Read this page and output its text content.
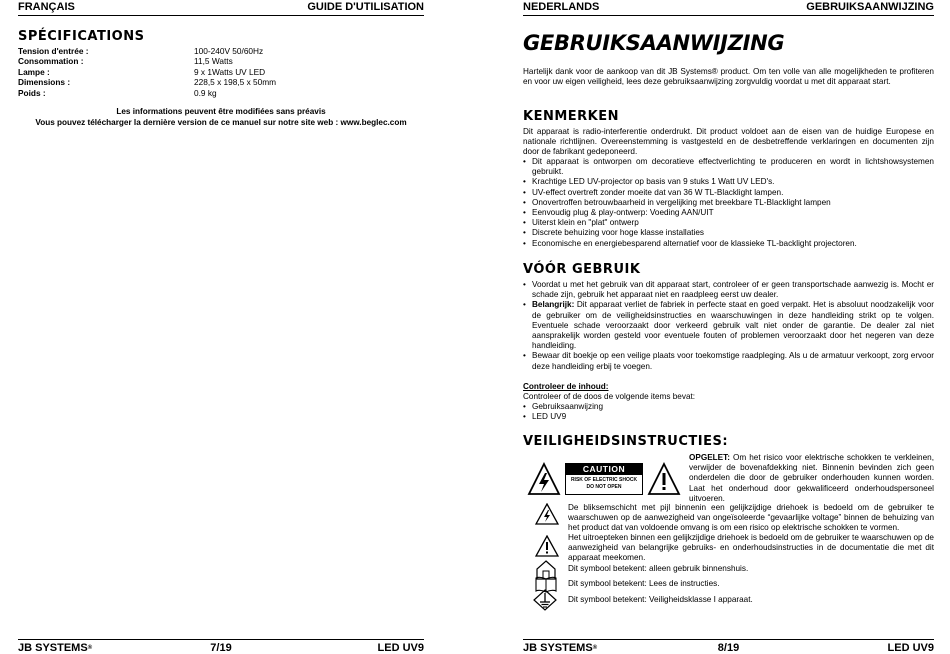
FRANÇAIS	GUIDE D'UTILISATION
SPÉCIFICATIONS
Tension d'entrée :	100-240V 50/60Hz
Consommation :	11,5 Watts
Lampe :	9 x 1Watts UV LED
Dimensions :	228,5 x 198,5 x 50mm
Poids :	0.9 kg
Les informations peuvent être modifiées sans préavis
Vous pouvez télécharger la dernière version de ce manuel sur notre site web : www.beglec.com
JB SYSTEMS®	7/19	LED UV9
NEDERLANDS	GEBRUIKSAANWIJZING
GEBRUIKSAANWIJZING
Hartelijk dank voor de aankoop van dit JB Systems® product. Om ten volle van alle mogelijkheden te profiteren en voor uw eigen veiligheid, lees deze gebruiksaanwijzing zorgvuldig voordat u met dit apparaat start.
KENMERKEN
Dit apparaat is radio-interferentie onderdrukt. Dit product voldoet aan de eisen van de huidige Europese en nationale richtlijnen. Overeenstemming is vastgesteld en de desbetreffende verklaringen en documenten zijn door de fabrikant gedeponeerd.
• Dit apparaat is ontworpen om decoratieve effectverlichting te produceren en wordt in lichtshowsystemen gebruikt.
• Krachtige LED UV-projector op basis van 9 stuks 1 Watt UV LED's.
• UV-effect overtreft zonder moeite dat van 36 W TL-Blacklight lampen.
• Onovertroffen betrouwbaarheid in vergelijking met breekbare TL-Blacklight lampen
• Eenvoudig plug & play-ontwerp: Voeding AAN/UIT
• Uiterst klein en "plat" ontwerp
• Discrete behuizing voor hoge klasse installaties
• Economische en energiebesparend alternatief voor de klassieke TL-backlight projectoren.
VÓÓR GEBRUIK
• Voordat u met het gebruik van dit apparaat start, controleer of er geen transportschade aanwezig is. Mocht er schade zijn, gebruik het apparaat niet en raadpleeg eerst uw dealer.
• Belangrijk: Dit apparaat verliet de fabriek in perfecte staat en goed verpakt. Het is absoluut noodzakelijk voor de gebruiker om de veiligheidsinstructies en waarschuwingen in deze handleiding strikt op te volgen. Eventuele schade veroorzaakt door verkeerd gebruik valt niet onder de garantie. De dealer zal niet aansprakelijk worden gesteld voor eventuele fouten of problemen veroorzaakt door het negeren van deze handleiding.
• Bewaar dit boekje op een veilige plaats voor toekomstige raadpleging. Als u de armatuur verkoopt, zorg ervoor deze handleiding erbij te voegen.
Controleer de inhoud:
Controleer of de doos de volgende items bevat:
• Gebruiksaanwijzing
• LED UV9
VEILIGHEIDSINSTRUCTIES:
CAUTION
RISK OF ELECTRIC SHOCK
DO NOT OPEN
OPGELET: Om het risico voor elektrische schokken te verkleinen, verwijder de bovenafdekking niet. Binnenin bevinden zich geen onderdelen die door de gebruiker onderhouden kunnen worden. Laat het onderhoud door gekwalificeerd onderhoudspersoneel uitvoeren.
De bliksemschicht met pijl binnenin een gelijkzijdige driehoek is bedoeld om de gebruiker te waarschuwen op de aanwezigheid van ongeïsoleerde “gevaarlijke voltage” binnen de behuizing van het product dat van voldoende omvang is om een risico op elektrische schokken te vormen.
Het uitroepteken binnen een gelijkzijdige driehoek is bedoeld om de gebruiker te waarschuwen op de aanwezigheid van belangrijke gebruiks- en onderhoudsinstructies in de documentatie die met dit apparaat meekomen.
Dit symbool betekent: alleen gebruik binnenshuis.
Dit symbool betekent: Lees de instructies.
Dit symbool betekent: Veiligheidsklasse I apparaat.
JB SYSTEMS®	8/19	LED UV9
